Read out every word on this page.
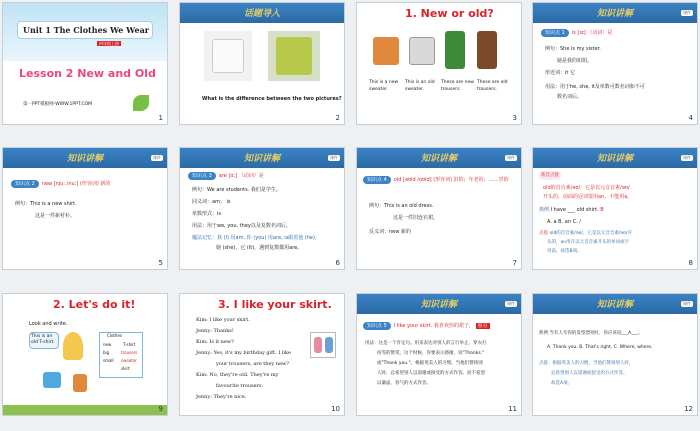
Unit 1 The Clothes We Wear
四年级上册
Lesson 2 New and Old
第一PPT模板网-WWW.1PPT.COM
1
话题导入
What is the difference between the two pictures?
2
1. New or old?
This is a new sweater.
This is an old sweater.
These are new trousers.
These are old trousers.
3
知识讲解	课件
知识点 1 is [ɪz] （动词）是
例句：She is my sister.
她是我的姐姐。
形近词：it 它
用法：用于he, she, it及单数可数名词和不可
数名词后。
4
知识讲解	课件
知识点 2 new [nju: /nuː] (形容词) 新的
例句：This is a new shirt.
这是一件新衬衫。
5
知识讲解	课件
知识点 3 are [ɑː] （动词）是
例句：We are students. 我们是学生。
同义词：am； is
单数形式：is
用法：用于we, you, they以及复数名词后。
魔法记忆：我 (I) 用am, 你 (you) 用are, is跟着他 (he),
她 (she)，它 (it)，遇到复数都用are。
6
知识讲解	课件
知识点 4 old [əʊld /oʊld] (形容词) 旧的；年老的；……岁的
例句：This is an old dress.
这是一件旧连衣裙。
反义词：new 新的
7
知识讲解	课件
新佳点拨
old的首音素/əʊ/，它是以元音音素/əʊ/
开头的，前面的冠词要用an，不能用a。
典例 I have ___ old shirt. B
A. a B. an C. /
点拨 old的首音素/əʊ/，它是以元音音素/əʊ/开
头的，an用在以元音音素开头的单词或字
母前，故选B项。
8
2. Let's do it!
Look and write.
This is an old T-shirt.
Clothes
T-shirt
new
trousers
big
sweater
small
skirt
9
3. I like your skirt.
Kim: I like your skirt.
Jenny: Thanks!
Kim: Is it new?
Jenny: Yes, it's my birthday gift. I like
your trousers, are they new?
Kim: No, they're old. They're my
favourite trousers.
Jenny: They're nice.
10
知识讲解	课件
知识点 5 I like your skirt. 我喜欢你的裙子。 重点
用法：这是一个肯定句。用来表达对别人的言行举止、穿衣打
扮等的赞赏。这个时候，你要表示感谢，说"Thanks."
或"Thank you."。根据英美人的习惯，当他们赞扬别
人时，总希望别人以道谢或接受的方式作答。而不希望
以谦虚、客气的方式作答。
11
知识讲解	课件
典例 当有人夸你的发型漂亮时，你应该说___A___。
A. Thank you. B. That's right. C. Where, where.
点拨：根据英美人的习惯，当他们赞扬别人时，
总希望别人以道谢或接受的方式作答。
故选A项。
12
